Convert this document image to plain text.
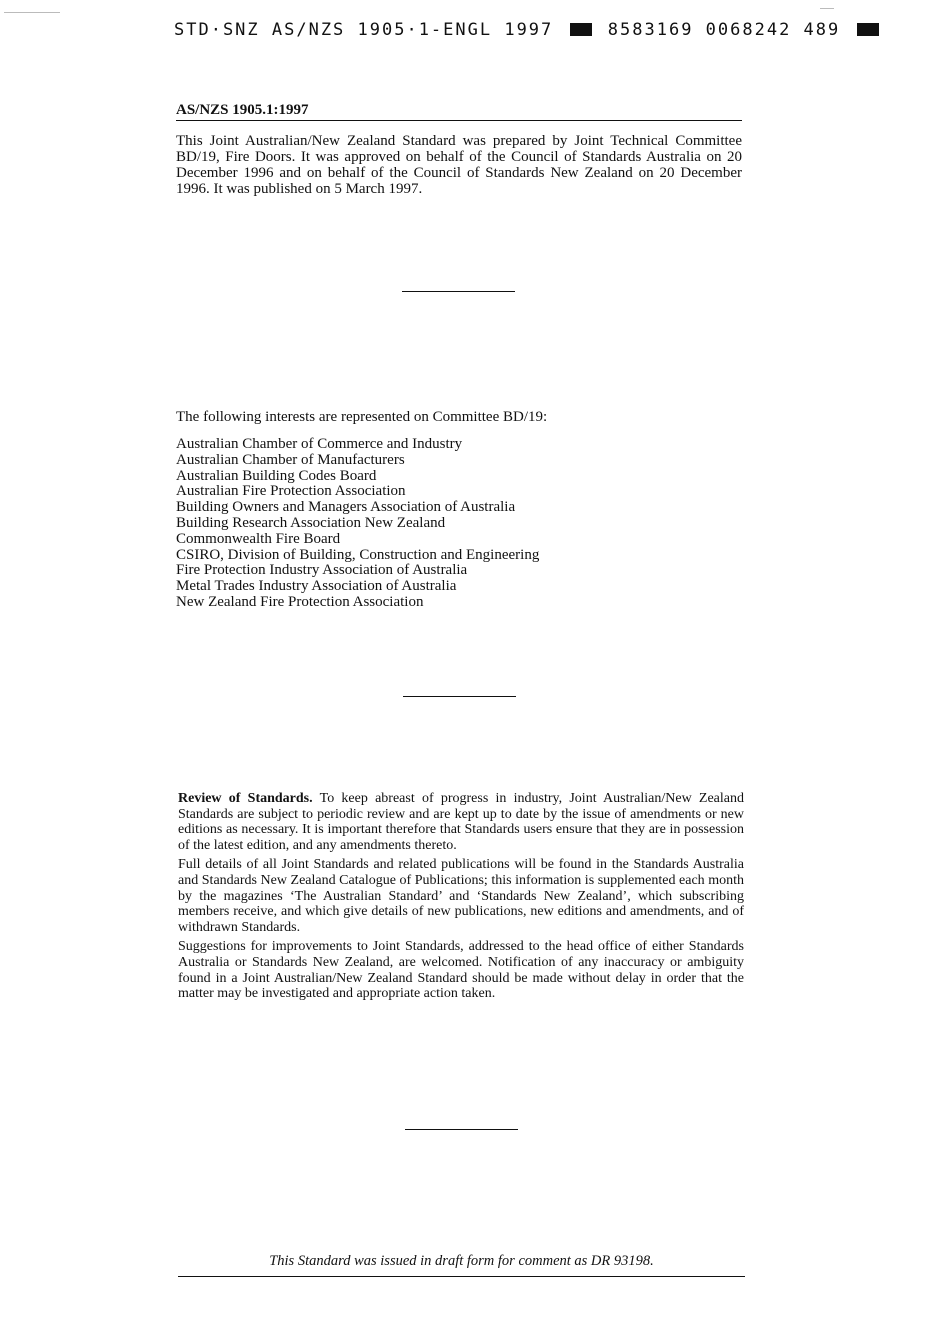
STD·SNZ AS/NZS 1905·1-ENGL 1997	8583169 0068242 489
AS/NZS 1905.1:1997

This Joint Australian/New Zealand Standard was prepared by Joint Technical Committee BD/19, Fire Doors. It was approved on behalf of the Council of Standards Australia on 20 December 1996 and on behalf of the Council of Standards New Zealand on 20 December 1996. It was published on 5 March 1997.

The following interests are represented on Committee BD/19:

Australian Chamber of Commerce and Industry
Australian Chamber of Manufacturers
Australian Building Codes Board
Australian Fire Protection Association
Building Owners and Managers Association of Australia
Building Research Association New Zealand
Commonwealth Fire Board
CSIRO, Division of Building, Construction and Engineering
Fire Protection Industry Association of Australia
Metal Trades Industry Association of Australia
New Zealand Fire Protection Association

Review of Standards. To keep abreast of progress in industry, Joint Australian/New Zealand Standards are subject to periodic review and are kept up to date by the issue of amendments or new editions as necessary. It is important therefore that Standards users ensure that they are in possession of the latest edition, and any amendments thereto.

Full details of all Joint Standards and related publications will be found in the Standards Australia and Standards New Zealand Catalogue of Publications; this information is supplemented each month by the magazines ‘The Australian Standard’ and ‘Standards New Zealand’, which subscribing members receive, and which give details of new publications, new editions and amendments, and of withdrawn Standards.

Suggestions for improvements to Joint Standards, addressed to the head office of either Standards Australia or Standards New Zealand, are welcomed. Notification of any inaccuracy or ambiguity found in a Joint Australian/New Zealand Standard should be made without delay in order that the matter may be investigated and appropriate action taken.

This Standard was issued in draft form for comment as DR 93198.
